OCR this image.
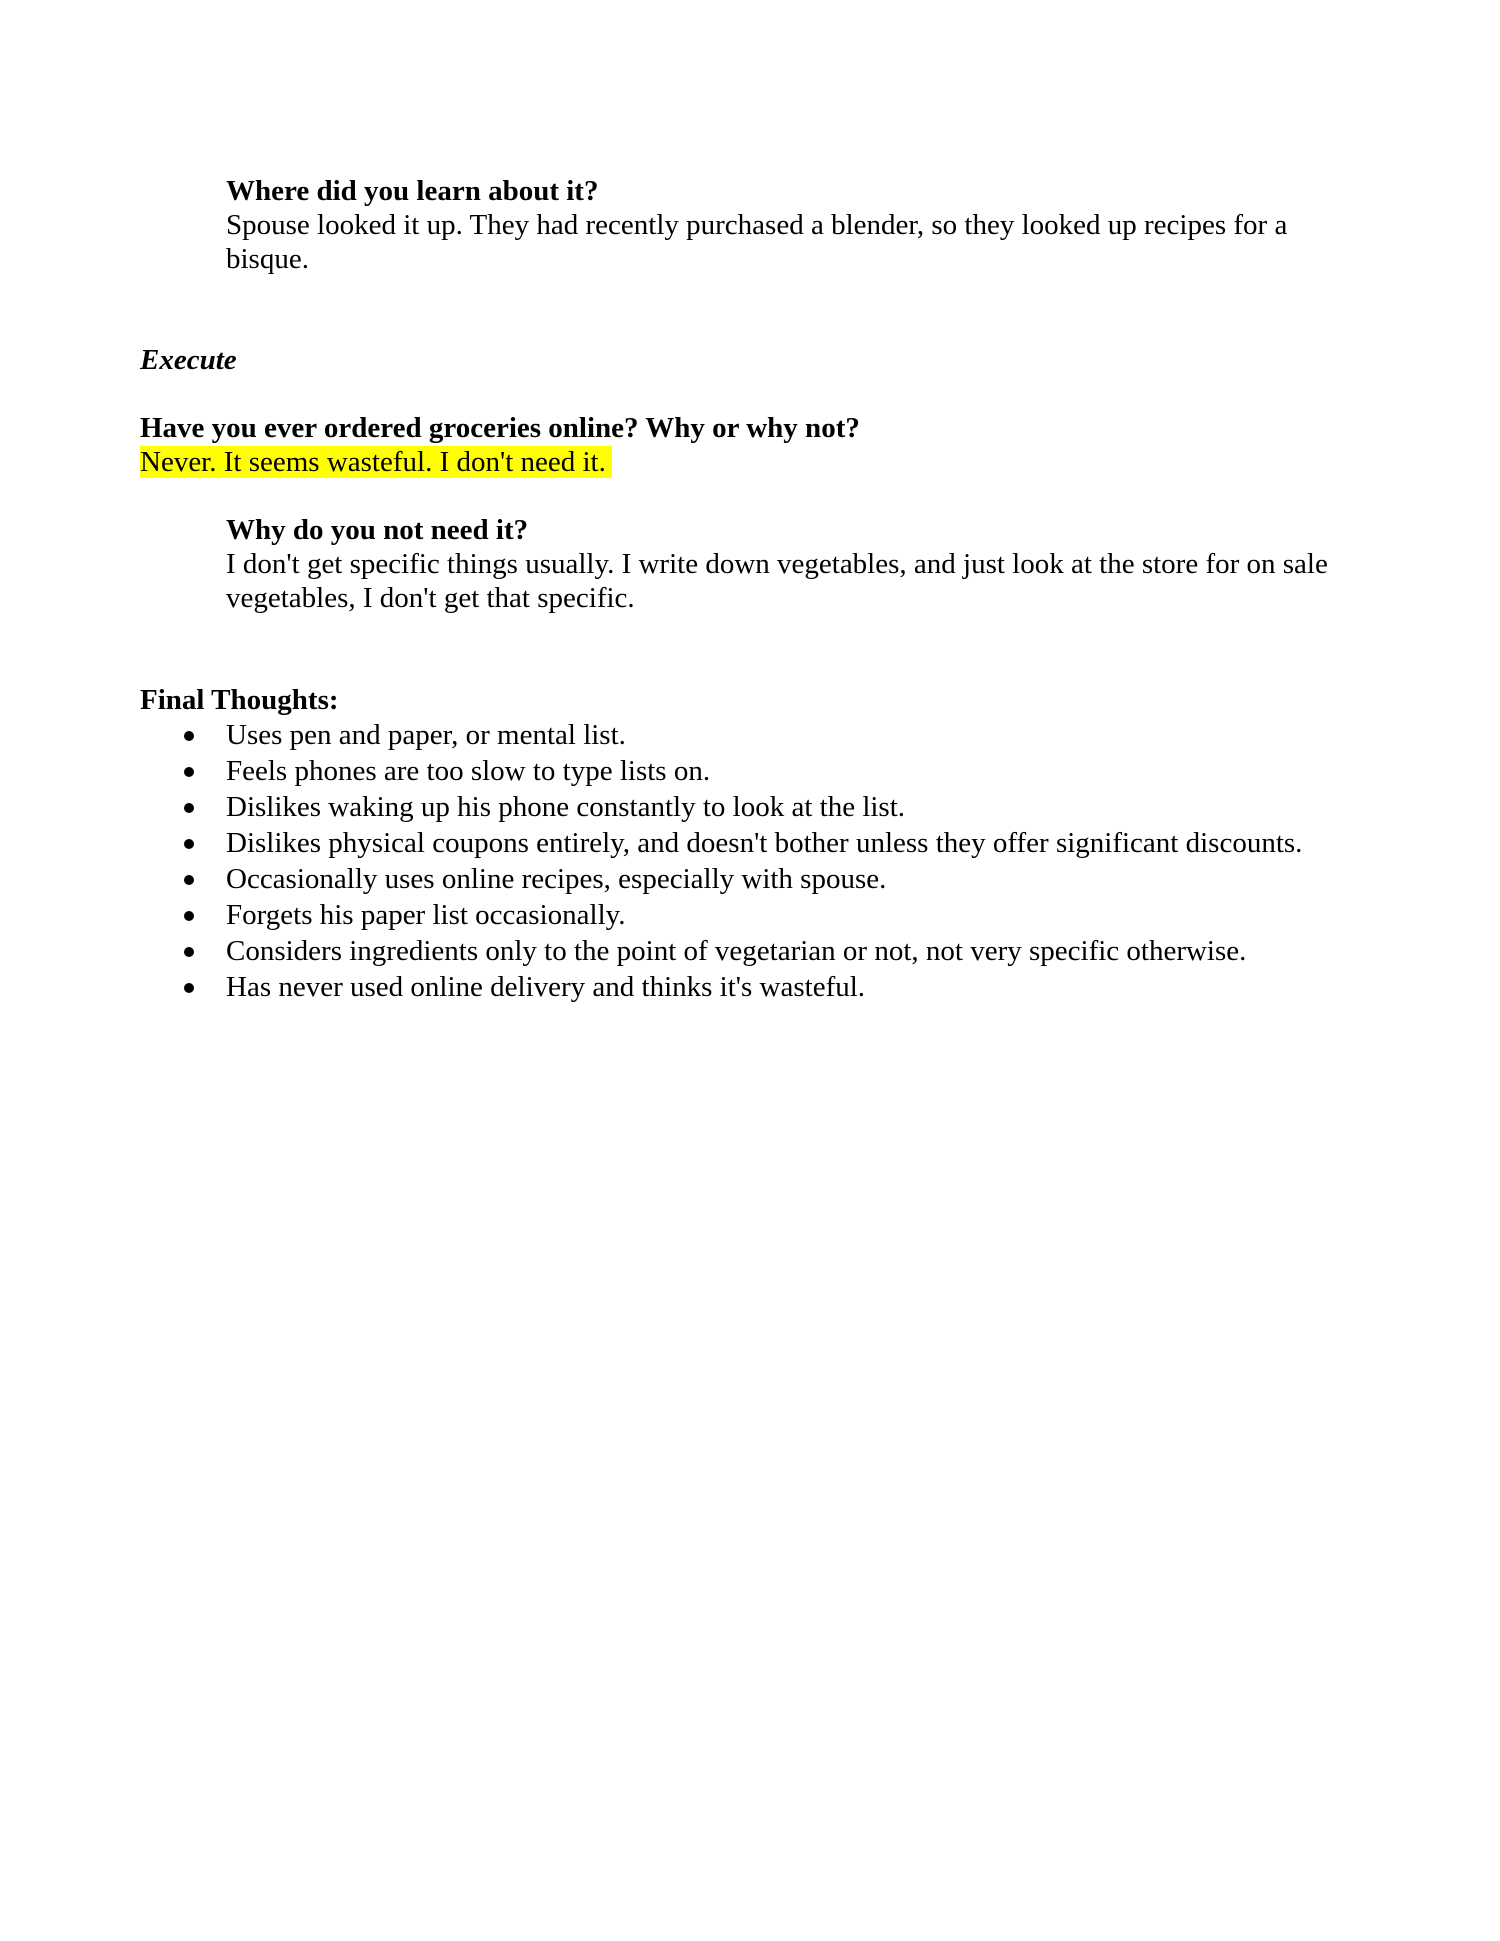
Where did you learn about it?

Spouse looked it up. They had recently purchased a blender, so they looked up recipes for a

bisque.

Execute

Have you ever ordered groceries online? Why or why not?

Never. It seems wasteful. I don't need it.

Why do you not need it?

I don't get specific things usually. I write down vegetables, and just look at the store for on sale

vegetables, I don't get that specific.

Final Thoughts:

Uses pen and paper, or mental list.
Feels phones are too slow to type lists on.
Dislikes waking up his phone constantly to look at the list.
Dislikes physical coupons entirely, and doesn't bother unless they offer significant discounts.
Occasionally uses online recipes, especially with spouse.
Forgets his paper list occasionally.
Considers ingredients only to the point of vegetarian or not, not very specific otherwise.
Has never used online delivery and thinks it's wasteful.
